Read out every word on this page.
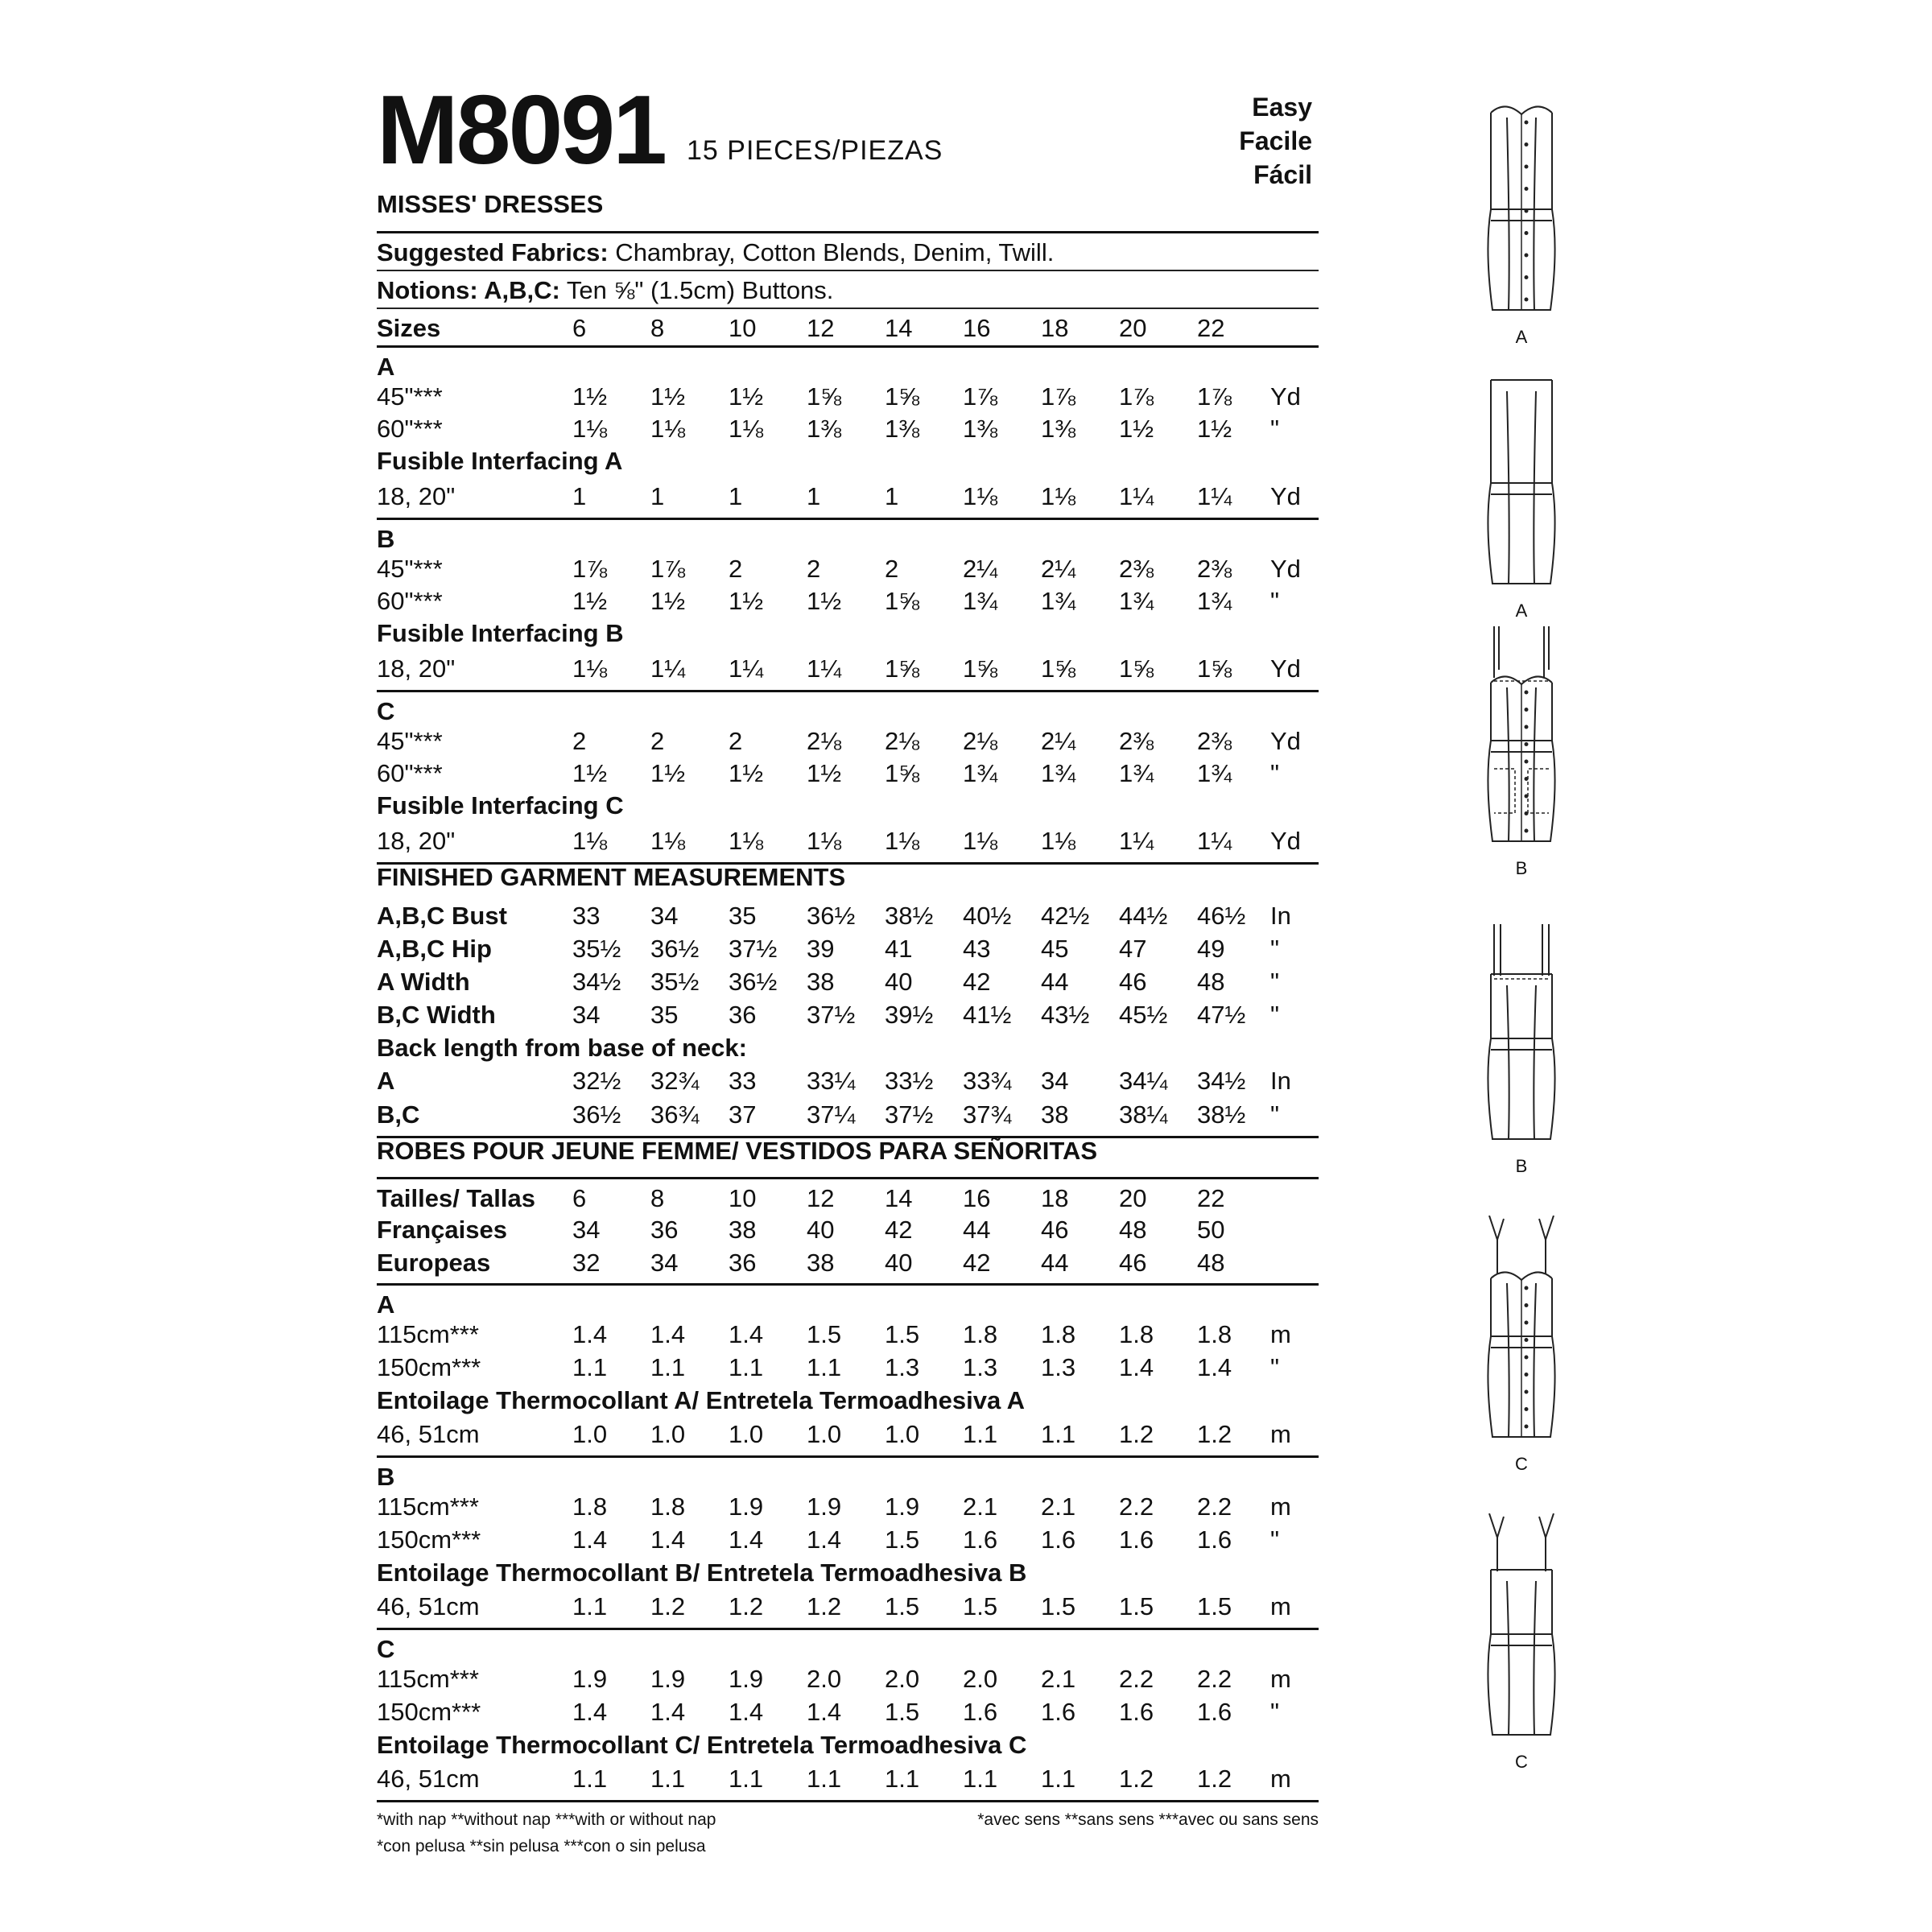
M8091 15 PIECES/PIEZAS
Easy
Facile
Fácil
MISSES' DRESSES
Suggested Fabrics: Chambray, Cotton Blends, Denim, Twill.
Notions: A,B,C: Ten ⅝" (1.5cm) Buttons.
Sizes	6	8	10	12	14	16	18	20	22
A
45"***	1½	1½	1½	1⅝	1⅝	1⅞	1⅞	1⅞	1⅞	Yd
60"***	1⅛	1⅛	1⅛	1⅜	1⅜	1⅜	1⅜	1½	1½	"
Fusible Interfacing A
18, 20"	1	1	1	1	1	1⅛	1⅛	1¼	1¼	Yd
B
45"***	1⅞	1⅞	2	2	2	2¼	2¼	2⅜	2⅜	Yd
60"***	1½	1½	1½	1½	1⅝	1¾	1¾	1¾	1¾	"
Fusible Interfacing B
18, 20"	1⅛	1¼	1¼	1¼	1⅝	1⅝	1⅝	1⅝	1⅝	Yd
C
45"***	2	2	2	2⅛	2⅛	2⅛	2¼	2⅜	2⅜	Yd
60"***	1½	1½	1½	1½	1⅝	1¾	1¾	1¾	1¾	"
Fusible Interfacing C
18, 20"	1⅛	1⅛	1⅛	1⅛	1⅛	1⅛	1⅛	1¼	1¼	Yd
FINISHED GARMENT MEASUREMENTS
A,B,C Bust	33	34	35	36½	38½	40½	42½	44½	46½ In
A,B,C Hip	35½	36½	37½	39	41	43	45	47	49	"
A Width	34½	35½	36½	38	40	42	44	46	48	"
B,C Width	34	35	36	37½	39½	41½	43½	45½	47½ "
Back length from base of neck:
A	32½	32¾	33	33¼	33½	33¾	34	34¼	34½ In
B,C	36½	36¾	37	37¼	37½	37¾	38	38¼	38½ "
ROBES POUR JEUNE FEMME/ VESTIDOS PARA SEÑORITAS
Tailles/ Tallas 6	8	10	12	14	16	18	20	22
Françaises	34	36	38	40	42	44	46	48	50
Europeas	32	34	36	38	40	42	44	46	48
A
115cm***	1.4	1.4	1.4	1.5	1.5	1.8	1.8	1.8	1.8	m
150cm***	1.1	1.1	1.1	1.1	1.3	1.3	1.3	1.4	1.4	"
Entoilage Thermocollant A/ Entretela Termoadhesiva A
46, 51cm	1.0	1.0	1.0	1.0	1.0	1.1	1.1	1.2	1.2	m
B
115cm***	1.8	1.8	1.9	1.9	1.9	2.1	2.1	2.2	2.2	m
150cm***	1.4	1.4	1.4	1.4	1.5	1.6	1.6	1.6	1.6	"
Entoilage Thermocollant B/ Entretela Termoadhesiva B
46, 51cm	1.1	1.2	1.2	1.2	1.5	1.5	1.5	1.5	1.5	m
C
115cm***	1.9	1.9	1.9	2.0	2.0	2.0	2.1	2.2	2.2	m
150cm***	1.4	1.4	1.4	1.4	1.5	1.6	1.6	1.6	1.6	"
Entoilage Thermocollant C/ Entretela Termoadhesiva C
46, 51cm	1.1	1.1	1.1	1.1	1.1	1.1	1.1	1.2	1.2	m
*with nap **without nap ***with or without nap
*con pelusa **sin pelusa ***con o sin pelusa
*avec sens **sans sens ***avec ou sans sens
A
A
B
B
C
C
